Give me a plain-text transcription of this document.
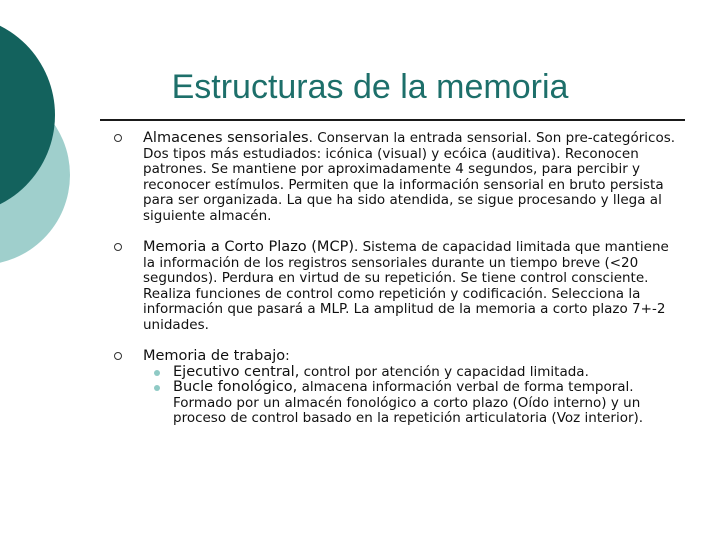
Estructuras de la memoria
Almacenes sensoriales. Conservan la entrada sensorial. Son pre-categóricos. Dos tipos más estudiados: icónica (visual) y ecóica (auditiva). Reconocen patrones. Se mantiene por aproximadamente 4 segundos, para percibir y reconocer estímulos. Permiten que la información sensorial en bruto persista para ser organizada. La que ha sido atendida, se sigue procesando y llega al siguiente almacén.
Memoria a Corto Plazo (MCP). Sistema de capacidad limitada que mantiene la información de los registros sensoriales durante un tiempo breve (<20 segundos). Perdura en virtud de su repetición. Se tiene control consciente. Realiza funciones de control como repetición y codificación. Selecciona la información que pasará a MLP. La amplitud de la memoria a corto plazo 7+-2 unidades.
Memoria de trabajo:
Ejecutivo central, control por atención y capacidad limitada.
Bucle fonológico, almacena información verbal de forma temporal. Formado por un almacén fonológico a corto plazo (Oído interno) y un proceso de control basado en la repetición articulatoria (Voz interior).
